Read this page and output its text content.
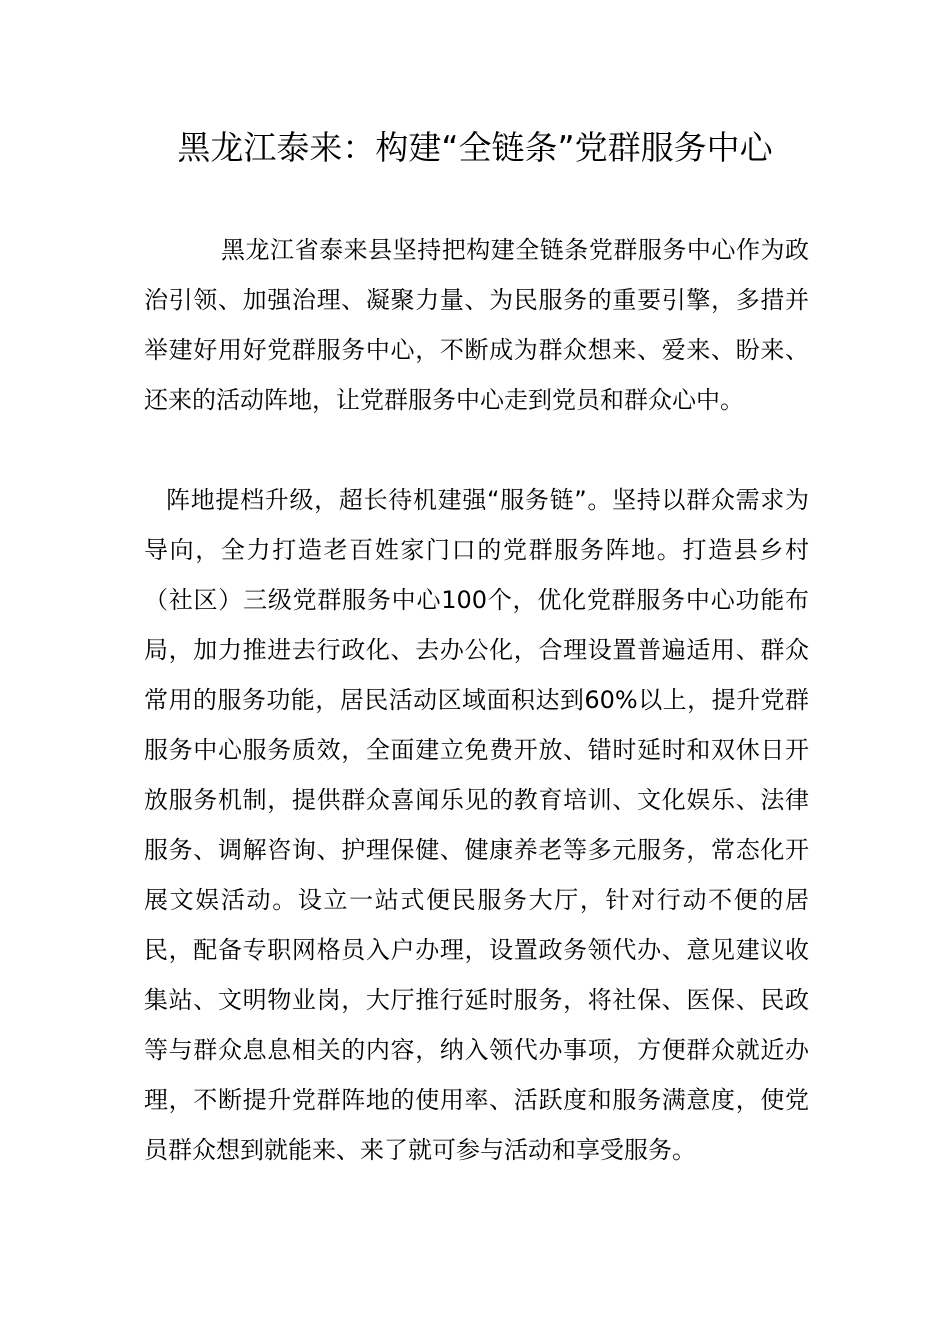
黑龙江泰来：构建“全链条”党群服务中心

黑龙江省泰来县坚持把构建全链条党群服务中心作为政治引领、加强治理、凝聚力量、为民服务的重要引擎，多措并举建好用好党群服务中心，不断成为群众想来、爱来、盼来、还来的活动阵地，让党群服务中心走到党员和群众心中。

阵地提档升级，超长待机建强“服务链”。坚持以群众需求为导向，全力打造老百姓家门口的党群服务阵地。打造县乡村（社区）三级党群服务中心100个，优化党群服务中心功能布局，加力推进去行政化、去办公化，合理设置普遍适用、群众常用的服务功能，居民活动区域面积达到60%以上，提升党群服务中心服务质效，全面建立免费开放、错时延时和双休日开放服务机制，提供群众喜闻乐见的教育培训、文化娱乐、法律服务、调解咨询、护理保健、健康养老等多元服务，常态化开展文娱活动。设立一站式便民服务大厅，针对行动不便的居民，配备专职网格员入户办理，设置政务领代办、意见建议收集站、文明物业岗，大厅推行延时服务，将社保、医保、民政等与群众息息相关的内容，纳入领代办事项，方便群众就近办理，不断提升党群阵地的使用率、活跃度和服务满意度，使党员群众想到就能来、来了就可参与活动和享受服务。
